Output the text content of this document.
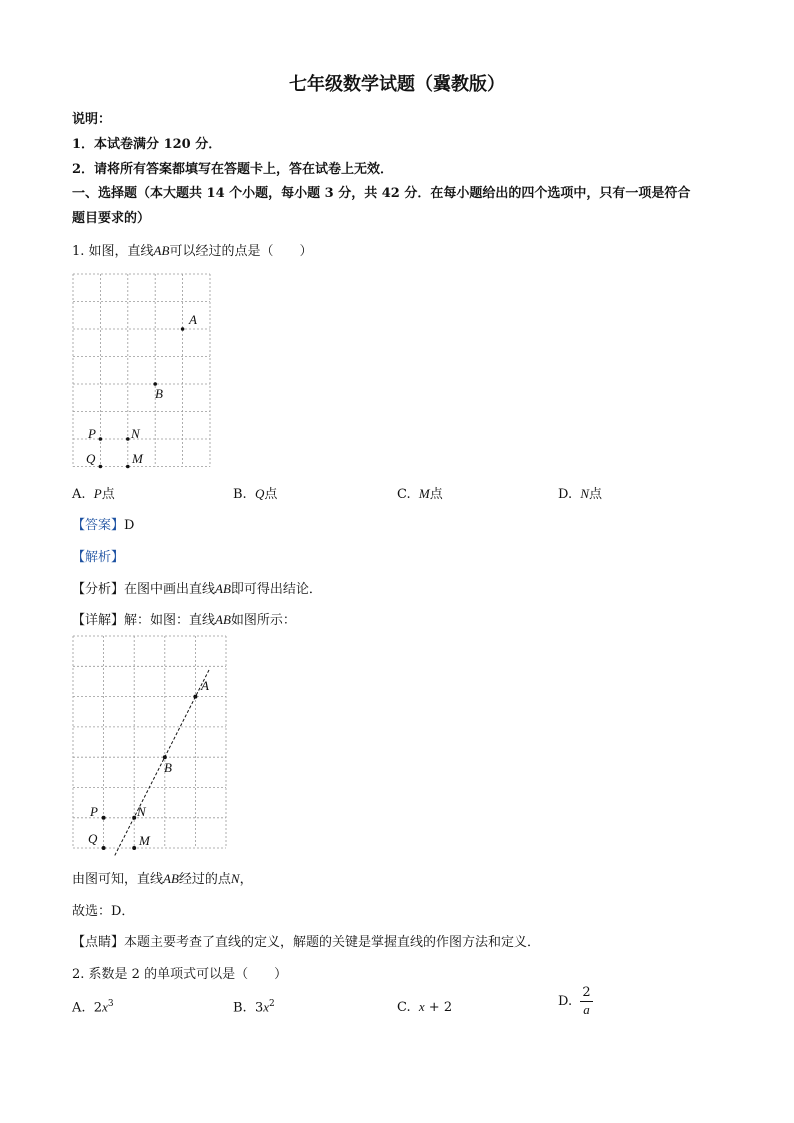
七年级数学试题（冀教版）
说明：
1．本试卷满分 120 分．
2．请将所有答案都填写在答题卡上，答在试卷上无效．
一、选择题（本大题共 14 个小题，每小题 3 分，共 42 分．在每小题给出的四个选项中，只有一项是符合
题目要求的）
1. 如图，直线AB可以经过的点是（　　）
A
B
P	N
Q	M
A. P点	B. Q点	C. M点	D. N点
【答案】D
【解析】
【分析】在图中画出直线AB即可得出结论．
【详解】解：如图：直线AB如图所示：
A
B
P	N
Q	M
由图可知，直线AB经过的点N，
故选：D．
【点睛】本题主要考查了直线的定义，解题的关键是掌握直线的作图方法和定义．
2. 系数是 2 的单项式可以是（　　）
A. $2x^3$	B. $3x^2$	C. x + 2	D. $\frac{2}{a}$
